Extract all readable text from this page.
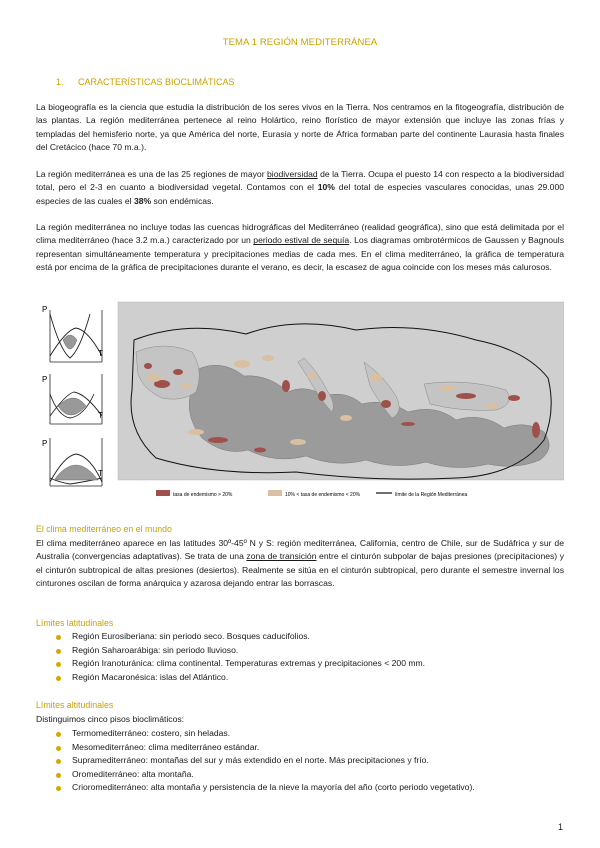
TEMA 1 REGIÓN MEDITERRÁNEA
1. CARACTERÍSTICAS BIOCLIMÁTICAS
La biogeografía es la ciencia que estudia la distribución de los seres vivos en la Tierra. Nos centramos en la fitogeografía, distribución de las plantas. La región mediterránea pertenece al reino Holártico, reino florístico de mayor extensión que incluye las zonas frías y templadas del hemisferio norte, ya que América del norte, Eurasia y norte de África formaban parte del continente Laurasia hasta finales del Cretácico (hace 70 m.a.).
La región mediterránea es una de las 25 regiones de mayor biodiversidad de la Tierra. Ocupa el puesto 14 con respecto a la biodiversidad total, pero el 2-3 en cuanto a biodiversidad vegetal. Contamos con el 10% del total de especies vasculares conocidas, unas 29.000 especies de las cuales el 38% son endémicas.
La región mediterránea no incluye todas las cuencas hidrográficas del Mediterráneo (realidad geográfica), sino que está delimitada por el clima mediterráneo (hace 3.2 m.a.) caracterizado por un periodo estival de sequía. Los diagramas ombrotérmicos de Gaussen y Bagnouls representan simultáneamente temperatura y precipitaciones medias de cada mes. En el clima mediterráneo, la gráfica de temperatura está por encima de la gráfica de precipitaciones durante el verano, es decir, la escasez de agua coincide con los meses más calurosos.
P
T
P
T
P
T
tasa de endemismo > 20%	10% < tasa de endemismo < 20%	límite de la Región Mediterránea
El clima mediterráneo en el mundo
El clima mediterráneo aparece en las latitudes 30º-45º N y S: región mediterránea, California, centro de Chile, sur de Sudáfrica y sur de Australia (convergencias adaptativas). Se trata de una zona de transición entre el cinturón subpolar de bajas presiones (precipitaciones) y el cinturón subtropical de altas presiones (desiertos). Realmente se sitúa en el cinturón subtropical, pero durante el semestre invernal los cinturones oscilan de forma anárquica y azarosa dejando entrar las borrascas.
Límites latitudinales
Región Eurosiberiana: sin periodo seco. Bosques caducifolios.
Región Saharoarábiga: sin periodo lluvioso.
Región Iranoturánica: clima continental. Temperaturas extremas y precipitaciones < 200 mm.
Región Macaronésica: islas del Atlántico.
Límites altitudinales
Distinguimos cinco pisos bioclimáticos:
Termomediterráneo: costero, sin heladas.
Mesomediterráneo: clima mediterráneo estándar.
Supramediterráneo: montañas del sur y más extendido en el norte. Más precipitaciones y frío.
Oromediterráneo: alta montaña.
Crioromediterráneo: alta montaña y persistencia de la nieve la mayoría del año (corto periodo vegetativo).
1
